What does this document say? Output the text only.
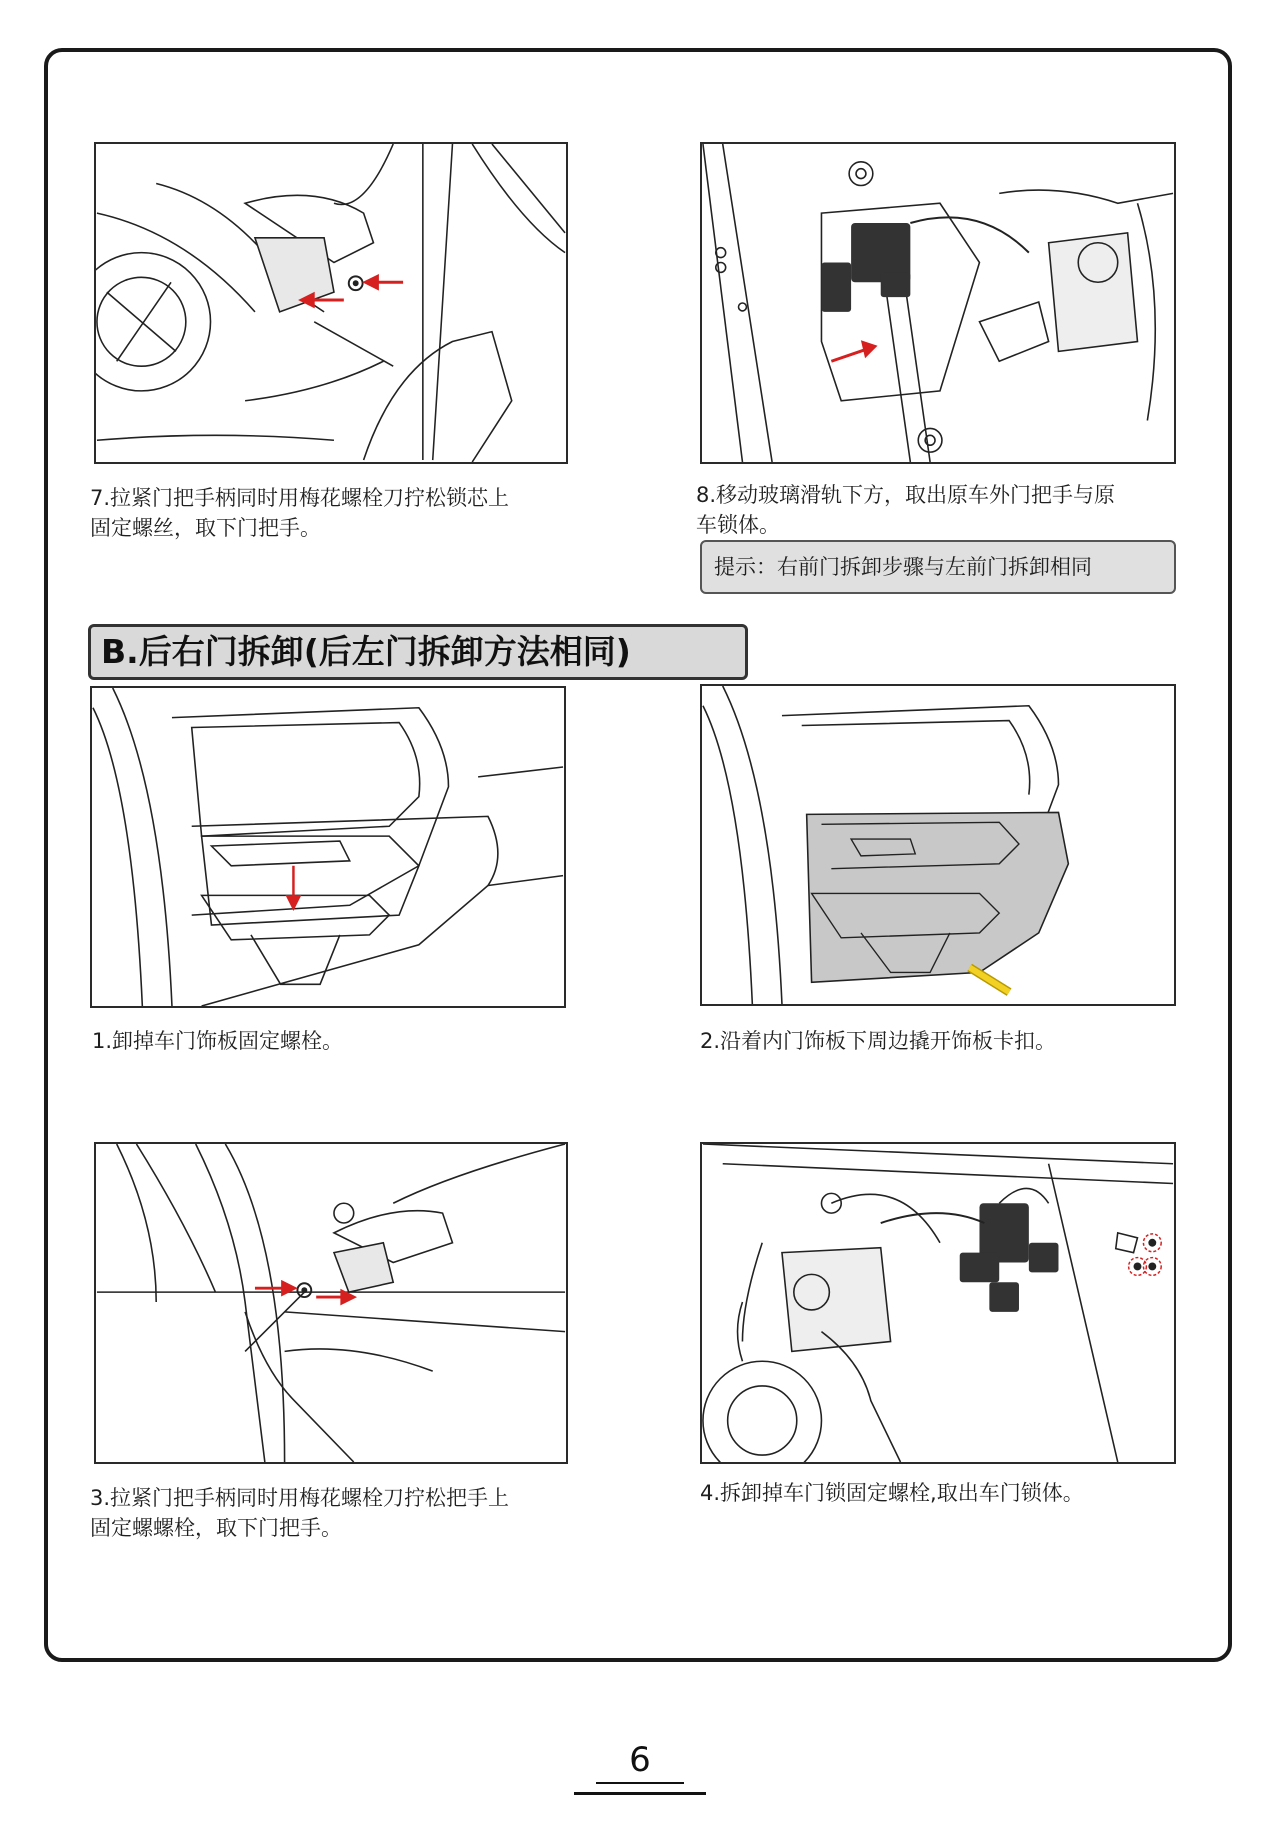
7.拉紧门把手柄同时用梅花螺栓刀拧松锁芯上
固定螺丝，取下门把手。
8.移动玻璃滑轨下方，取出原车外门把手与原
车锁体。
提示：右前门拆卸步骤与左前门拆卸相同
B.后右门拆卸(后左门拆卸方法相同)
1.卸掉车门饰板固定螺栓。	2.沿着内门饰板下周边撬开饰板卡扣。
3.拉紧门把手柄同时用梅花螺栓刀拧松把手上
固定螺螺栓，取下门把手。
4.拆卸掉车门锁固定螺栓,取出车门锁体。
6
